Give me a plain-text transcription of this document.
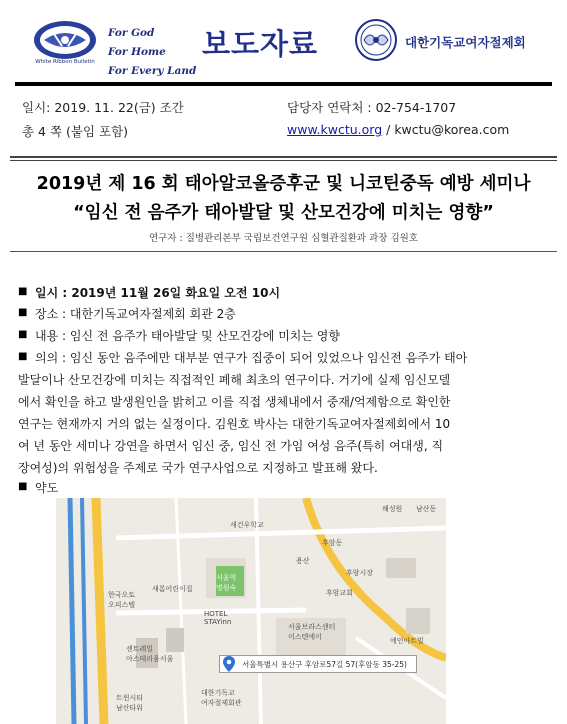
White Ribbon Bulletin
For God
For Home
For Every Land
보도자료	대한기독교여자절제회
일시: 2019. 11. 22(금) 조간
총 4 쪽 (붙임 포함)
담당자 연락처 : 02-754-1707
www.kwctu.org / kwctu@korea.com
2019년 제 16 회 태아알코올증후군 및 니코틴중독 예방 세미나
“임신 전 음주가 태아발달 및 산모건강에 미치는 영향”
연구자 : 질병관리본부 국립보건연구원 심혈관질환과 과장 김원호
■ 일시 : 2019년 11월 26일 화요일 오전 10시
■ 장소 : 대한기독교여자절제회 회관 2층
■ 내용 : 임신 전 음주가 태아발달 및 산모건강에 미치는 영향
■ 의의 : 임신 동안 음주에만 대부분 연구가 집중이 되어 있었으나 임신전 음주가 태아
발달이나 산모건강에 미치는 직접적인 폐해 최초의 연구이다. 거기에 실제 임신모델
에서 확인을 하고 발생원인을 밝히고 이를 직접 생체내에서 중재/억제함으로 확인한
연구는 현재까지 거의 없는 실정이다. 김원호 박사는 대한기독교여자절제회에서 10
여 년 동안 세미나 강연을 하면서 임신 중, 임신 전 가임 여성 음주(특히 여대생, 직
장여성)의 위험성을 주제로 국가 연구사업으로 지정하고 발표해 왔다.
■ 약도
새건우학교
후암동
새롬어린이집
서울역
명원숙
HOTEL
STAYinn
한국오토
오피스텔
센트레빌
아스테리움서울
서울브라스센터
이스텐에이
후암교회
대한기독교
여자절제회관
트윈시티
남산타워
용산
에인아트빌
후암시장
해성원 남산동
서울특별시 용산구 후암로57길 57(후암동 35-25)
